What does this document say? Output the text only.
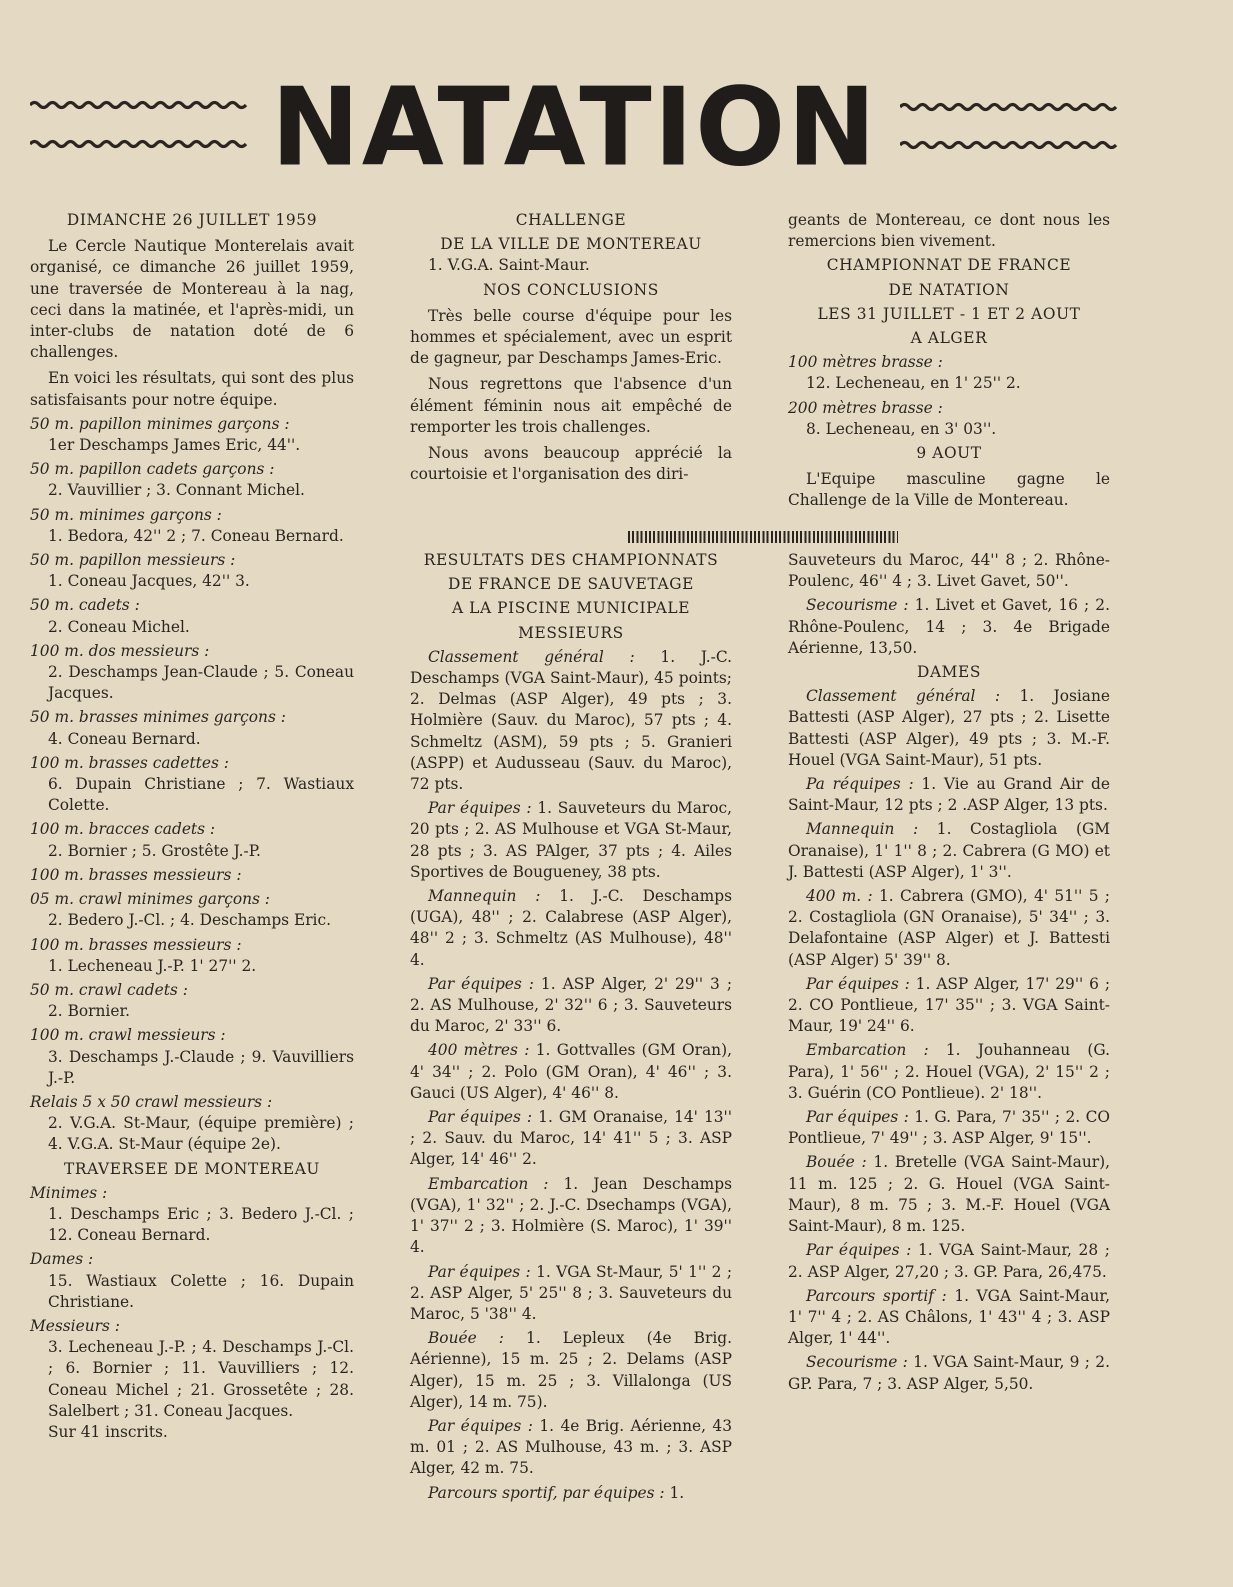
NATATION

DIMANCHE 26 JUILLET 1959

Le Cercle Nautique Monterelais avait organisé, ce dimanche 26 juillet 1959, une traversée de Montereau à la nag, ceci dans la matinée, et l'après-midi, un inter-clubs de natation doté de 6 challenges.

En voici les résultats, qui sont des plus satisfaisants pour notre équipe.

50 m. papillon minimes garçons :

1er Deschamps James Eric, 44''.

50 m. papillon cadets garçons :

2. Vauvillier ; 3. Connant Michel.

50 m. minimes garçons :

1. Bedora, 42'' 2 ; 7. Coneau Bernard.

50 m. papillon messieurs :

1. Coneau Jacques, 42'' 3.

50 m. cadets :

2. Coneau Michel.

100 m. dos messieurs :

2. Deschamps Jean-Claude ; 5. Coneau Jacques.

50 m. brasses minimes garçons :

4. Coneau Bernard.

100 m. brasses cadettes :

6. Dupain Christiane ; 7. Wastiaux Colette.

100 m. bracces cadets :

2. Bornier ; 5. Grostête J.-P.

100 m. brasses messieurs :

05 m. crawl minimes garçons :

2. Bedero J.-Cl. ; 4. Deschamps Eric.

100 m. brasses messieurs :

1. Lecheneau J.-P. 1' 27'' 2.

50 m. crawl cadets :

2. Bornier.

100 m. crawl messieurs :

3. Deschamps J.-Claude ; 9. Vauvilliers J.-P.

Relais 5 x 50 crawl messieurs :

2. V.G.A. St-Maur, (équipe première) ; 4. V.G.A. St-Maur (équipe 2e).

TRAVERSEE DE MONTEREAU

Minimes :

1. Deschamps Eric ; 3. Bedero J.-Cl. ; 12. Coneau Bernard.

Dames :

15. Wastiaux Colette ; 16. Dupain Christiane.

Messieurs :

3. Lecheneau J.-P. ; 4. Deschamps J.-Cl. ; 6. Bornier ; 11. Vauvilliers ; 12. Coneau Michel ; 21. Grossetête ; 28. Salelbert ; 31. Coneau Jacques.

Sur 41 inscrits.

CHALLENGE

DE LA VILLE DE MONTEREAU

1. V.G.A. Saint-Maur.

NOS CONCLUSIONS

Très belle course d'équipe pour les hommes et spécialement, avec un esprit de gagneur, par Deschamps James-Eric.

Nous regrettons que l'absence d'un élément féminin nous ait empêché de remporter les trois challenges.

Nous avons beaucoup apprécié la courtoisie et l'organisation des diri-

geants de Montereau, ce dont nous les remercions bien vivement.

CHAMPIONNAT DE FRANCE

DE NATATION

LES 31 JUILLET - 1 ET 2 AOUT

A ALGER

100 mètres brasse :

12. Lecheneau, en 1' 25'' 2.

200 mètres brasse :

8. Lecheneau, en 3' 03''.

9 AOUT

L'Equipe masculine gagne le Challenge de la Ville de Montereau.

RESULTATS DES CHAMPIONNATS

DE FRANCE DE SAUVETAGE

A LA PISCINE MUNICIPALE

MESSIEURS

Classement général : 1. J.-C. Deschamps (VGA Saint-Maur), 45 points; 2. Delmas (ASP Alger), 49 pts ; 3. Holmière (Sauv. du Maroc), 57 pts ; 4. Schmeltz (ASM), 59 pts ; 5. Granieri (ASPP) et Audusseau (Sauv. du Maroc), 72 pts.

Par équipes : 1. Sauveteurs du Maroc, 20 pts ; 2. AS Mulhouse et VGA St-Maur, 28 pts ; 3. AS PAlger, 37 pts ; 4. Ailes Sportives de Bougueney, 38 pts.

Mannequin : 1. J.-C. Deschamps (UGA), 48'' ; 2. Calabrese (ASP Alger), 48'' 2 ; 3. Schmeltz (AS Mulhouse), 48'' 4.

Par équipes : 1. ASP Alger, 2' 29'' 3 ; 2. AS Mulhouse, 2' 32'' 6 ; 3. Sauveteurs du Maroc, 2' 33'' 6.

400 mètres : 1. Gottvalles (GM Oran), 4' 34'' ; 2. Polo (GM Oran), 4' 46'' ; 3. Gauci (US Alger), 4' 46'' 8.

Par équipes : 1. GM Oranaise, 14' 13'' ; 2. Sauv. du Maroc, 14' 41'' 5 ; 3. ASP Alger, 14' 46'' 2.

Embarcation : 1. Jean Deschamps (VGA), 1' 32'' ; 2. J.-C. Dsechamps (VGA), 1' 37'' 2 ; 3. Holmière (S. Maroc), 1' 39'' 4.

Par équipes : 1. VGA St-Maur, 5' 1'' 2 ; 2. ASP Alger, 5' 25'' 8 ; 3. Sauveteurs du Maroc, 5 '38'' 4.

Bouée : 1. Lepleux (4e Brig. Aérienne), 15 m. 25 ; 2. Delams (ASP Alger), 15 m. 25 ; 3. Villalonga (US Alger), 14 m. 75).

Par équipes : 1. 4e Brig. Aérienne, 43 m. 01 ; 2. AS Mulhouse, 43 m. ; 3. ASP Alger, 42 m. 75.

Parcours sportif, par équipes : 1.

Sauveteurs du Maroc, 44'' 8 ; 2. Rhône-Poulenc, 46'' 4 ; 3. Livet Gavet, 50''.

Secourisme : 1. Livet et Gavet, 16 ; 2. Rhône-Poulenc, 14 ; 3. 4e Brigade Aérienne, 13,50.

DAMES

Classement général : 1. Josiane Battesti (ASP Alger), 27 pts ; 2. Lisette Battesti (ASP Alger), 49 pts ; 3. M.-F. Houel (VGA Saint-Maur), 51 pts.

Pa réquipes : 1. Vie au Grand Air de Saint-Maur, 12 pts ; 2 .ASP Alger, 13 pts.

Mannequin : 1. Costagliola (GM Oranaise), 1' 1'' 8 ; 2. Cabrera (G MO) et J. Battesti (ASP Alger), 1' 3''.

400 m. : 1. Cabrera (GMO), 4' 51'' 5 ; 2. Costagliola (GN Oranaise), 5' 34'' ; 3. Delafontaine (ASP Alger) et J. Battesti (ASP Alger) 5' 39'' 8.

Par équipes : 1. ASP Alger, 17' 29'' 6 ; 2. CO Pontlieue, 17' 35'' ; 3. VGA Saint-Maur, 19' 24'' 6.

Embarcation : 1. Jouhanneau (G. Para), 1' 56'' ; 2. Houel (VGA), 2' 15'' 2 ; 3. Guérin (CO Pontlieue). 2' 18''.

Par équipes : 1. G. Para, 7' 35'' ; 2. CO Pontlieue, 7' 49'' ; 3. ASP Alger, 9' 15''.

Bouée : 1. Bretelle (VGA Saint-Maur), 11 m. 125 ; 2. G. Houel (VGA Saint-Maur), 8 m. 75 ; 3. M.-F. Houel (VGA Saint-Maur), 8 m. 125.

Par équipes : 1. VGA Saint-Maur, 28 ; 2. ASP Alger, 27,20 ; 3. GP. Para, 26,475.

Parcours sportif : 1. VGA Saint-Maur, 1' 7'' 4 ; 2. AS Châlons, 1' 43'' 4 ; 3. ASP Alger, 1' 44''.

Secourisme : 1. VGA Saint-Maur, 9 ; 2. GP. Para, 7 ; 3. ASP Alger, 5,50.
